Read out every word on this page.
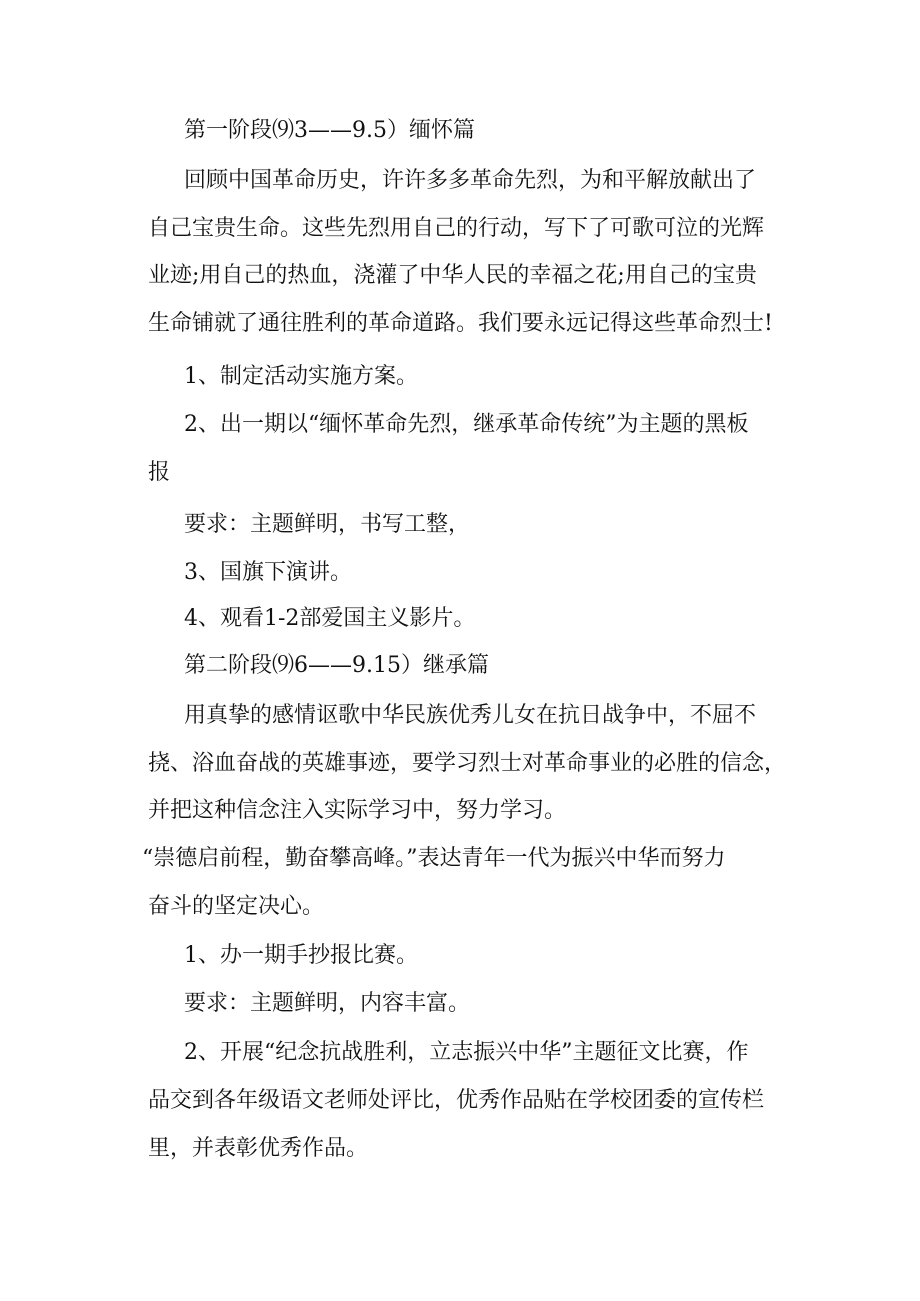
第一阶段⑼3——9.5）缅怀篇
回顾中国革命历史，许许多多革命先烈，为和平解放献出了
自己宝贵生命。这些先烈用自己的行动，写下了可歌可泣的光辉
业迹;用自己的热血，浇灌了中华人民的幸福之花;用自己的宝贵
生命铺就了通往胜利的革命道路。我们要永远记得这些革命烈士!
1、制定活动实施方案。
2、出一期以“缅怀革命先烈，继承革命传统”为主题的黑板
报
要求：主题鲜明，书写工整，
3、国旗下演讲。
4、观看1-2部爱国主义影片。
第二阶段⑼6——9.15）继承篇
用真挚的感情讴歌中华民族优秀儿女在抗日战争中，不屈不
挠、浴血奋战的英雄事迹，要学习烈士对革命事业的必胜的信念，
并把这种信念注入实际学习中，努力学习。
“崇德启前程，勤奋攀高峰。”表达青年一代为振兴中华而努力
奋斗的坚定决心。
1、办一期手抄报比赛。
要求：主题鲜明，内容丰富。
2、开展“纪念抗战胜利，立志振兴中华”主题征文比赛，作
品交到各年级语文老师处评比，优秀作品贴在学校团委的宣传栏
里，并表彰优秀作品。
